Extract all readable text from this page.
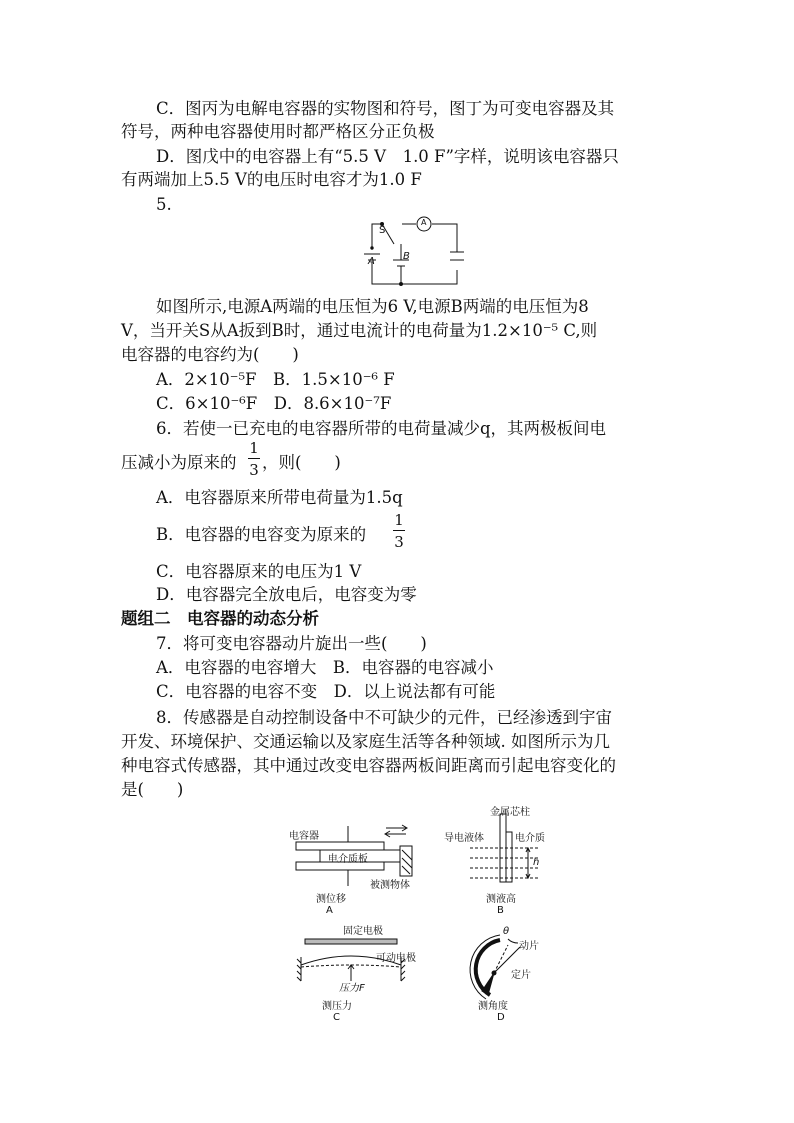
C．图丙为电解电容器的实物图和符号，图丁为可变电容器及其
符号，两种电容器使用时都严格区分正负极
D．图戊中的电容器上有“5.5 V　1.0 F”字样，说明该电容器只
有两端加上5.5 V的电压时电容才为1.0 F
5.
S
A
A	B
如图所示,电源A两端的电压恒为6 V,电源B两端的电压恒为8
V，当开关S从A扳到B时，通过电流计的电荷量为1.2×10⁻⁵ C,则
电容器的电容约为(　　)
A．2×10⁻⁵F　B．1.5×10⁻⁶ F
C．6×10⁻⁶F　D．8.6×10⁻⁷F
6．若使一已充电的电容器所带的电荷量减少q，其两极板间电
压减小为原来的
1
3 ，则(　　)
A．电容器原来所带电荷量为1.5q
B．电容器的电容变为原来的
1
3
C．电容器原来的电压为1 V
D．电容器完全放电后，电容变为零
题组二　电容器的动态分析
7．将可变电容器动片旋出一些(　　)
A．电容器的电容增大　B．电容器的电容减小
C．电容器的电容不变　D．以上说法都有可能
8．传感器是自动控制设备中不可缺少的元件，已经渗透到宇宙
开发、环境保护、交通运输以及家庭生活等各种领域. 如图所示为几
种电容式传感器，其中通过改变电容器两板间距离而引起电容变化的
是(　　)
电容器
电介质板
被测物体
测位移
A
金属芯柱
导电液体	电介质
h
测液高
B
固定电极
可动电极
压力F
测压力
C
θ
动片
定片
测角度
D
